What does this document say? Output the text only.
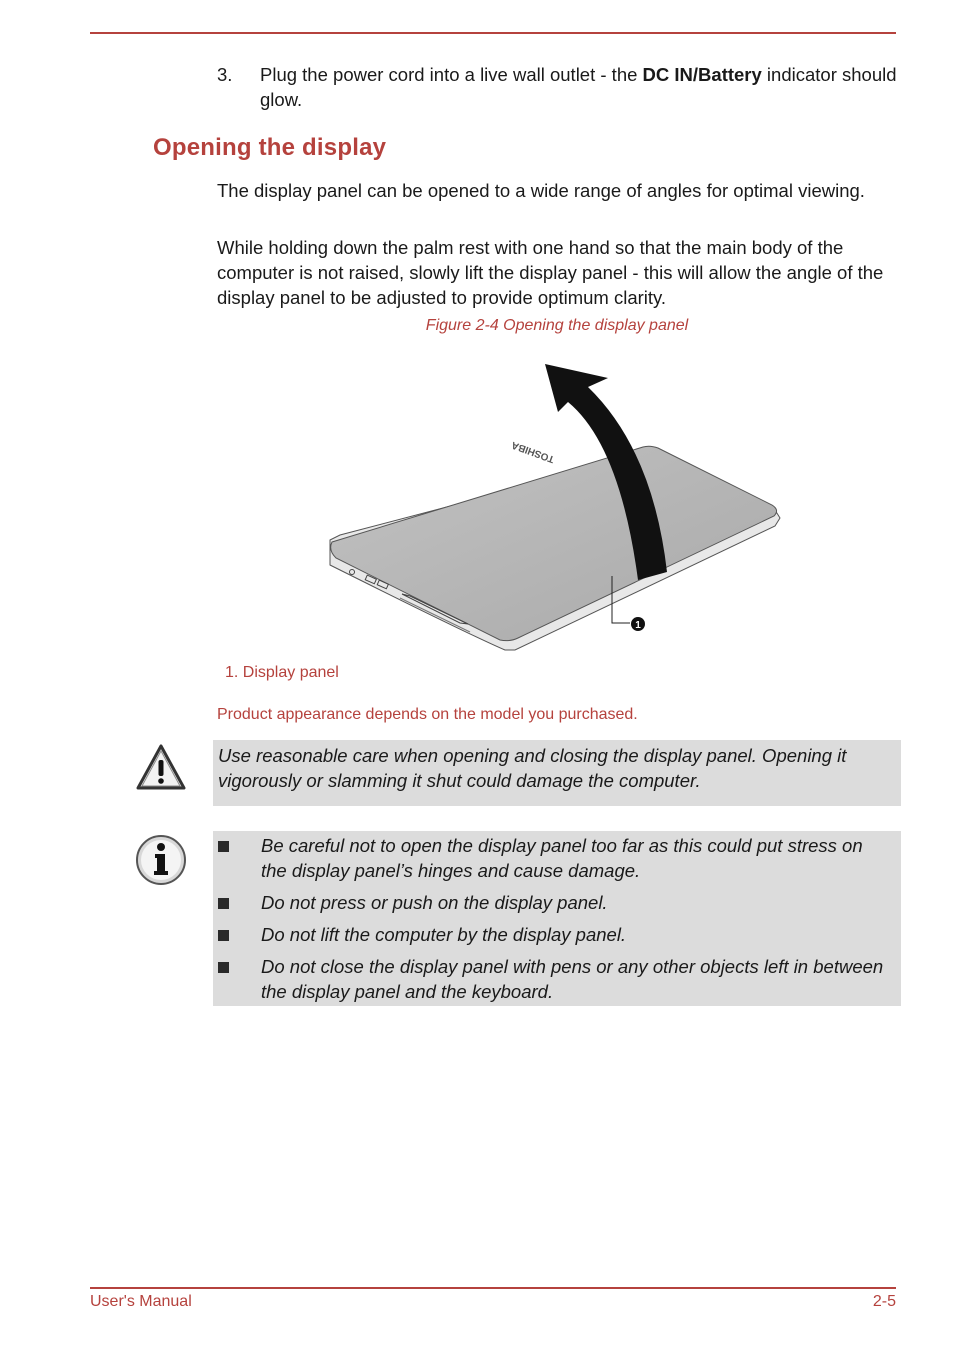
3. Plug the power cord into a live wall outlet - the DC IN/Battery indicator should glow.
Opening the display

The display panel can be opened to a wide range of angles for optimal viewing.

While holding down the palm rest with one hand so that the main body of the computer is not raised, slowly lift the display panel - this will allow the angle of the display panel to be adjusted to provide optimum clarity.

Figure 2-4 Opening the display panel
TOSHIBA
1
1. Display panel
Product appearance depends on the model you purchased.
Use reasonable care when opening and closing the display panel. Opening it vigorously or slamming it shut could damage the computer.
Be careful not to open the display panel too far as this could put stress on the display panel’s hinges and cause damage.
Do not press or push on the display panel.
Do not lift the computer by the display panel.
Do not close the display panel with pens or any other objects left in between the display panel and the keyboard.
User's Manual	2-5
